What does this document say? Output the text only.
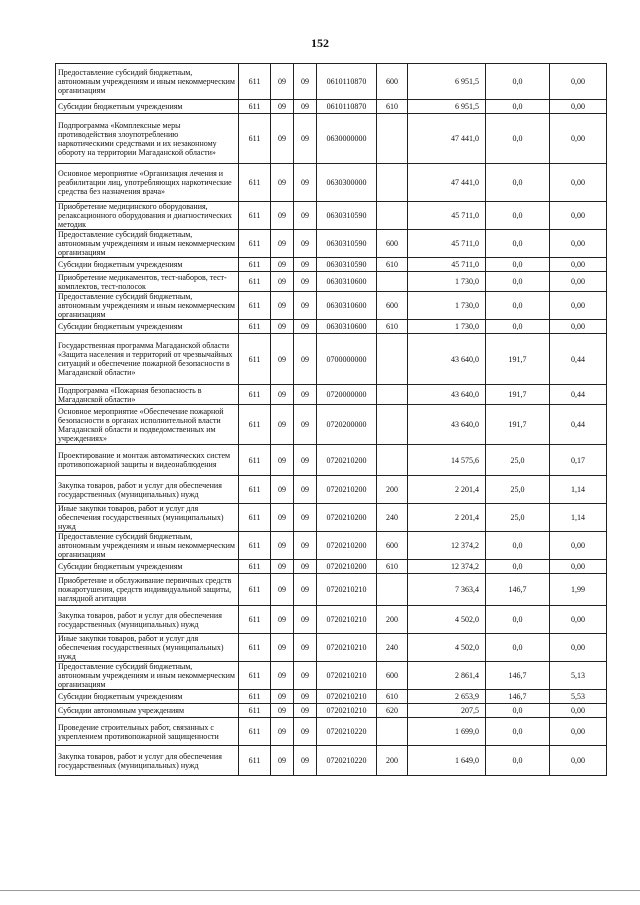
152
Предоставление субсидий бюджетным, автономным учреждениям и иным некоммерческим организациям	611	09	09	0610110870	600	6 951,5	0,0	0,00
Субсидии бюджетным учреждениям	611	09	09	0610110870	610	6 951,5	0,0	0,00
Подпрограмма «Комплексные меры противодействия злоупотреблению наркотическими средствами и их незаконному обороту на территории Магаданской области»	611	09	09	0630000000		47 441,0	0,0	0,00
Основное мероприятие «Организация лечения и реабилитации лиц, употребляющих наркотические средства без назначения врача»	611	09	09	0630300000		47 441,0	0,0	0,00
Приобретение медицинского оборудования, релаксационного оборудования и диагностических методик	611	09	09	0630310590		45 711,0	0,0	0,00
Предоставление субсидий бюджетным, автономным учреждениям и иным некоммерческим организациям	611	09	09	0630310590	600	45 711,0	0,0	0,00
Субсидии бюджетным учреждениям	611	09	09	0630310590	610	45 711,0	0,0	0,00
Приобретение медикаментов, тест-наборов, тест-комплектов, тест-полосок	611	09	09	0630310600		1 730,0	0,0	0,00
Предоставление субсидий бюджетным, автономным учреждениям и иным некоммерческим организациям	611	09	09	0630310600	600	1 730,0	0,0	0,00
Субсидии бюджетным учреждениям	611	09	09	0630310600	610	1 730,0	0,0	0,00
Государственная программа Магаданской области «Защита населения и территорий от чрезвычайных ситуаций и обеспечение пожарной безопасности в Магаданской области»	611	09	09	0700000000		43 640,0	191,7	0,44
Подпрограмма «Пожарная безопасность в Магаданской области»	611	09	09	0720000000		43 640,0	191,7	0,44
Основное мероприятие «Обеспечение пожарной безопасности в органах исполнительной власти Магаданской области и подведомственных им учреждениях»	611	09	09	0720200000		43 640,0	191,7	0,44
Проектирование и монтаж автоматических систем противопожарной защиты и видеонаблюдения	611	09	09	0720210200		14 575,6	25,0	0,17
Закупка товаров, работ и услуг для обеспечения государственных (муниципальных) нужд	611	09	09	0720210200	200	2 201,4	25,0	1,14
Иные закупки товаров, работ и услуг для обеспечения государственных (муниципальных) нужд	611	09	09	0720210200	240	2 201,4	25,0	1,14
Предоставление субсидий бюджетным, автономным учреждениям и иным некоммерческим организациям	611	09	09	0720210200	600	12 374,2	0,0	0,00
Субсидии бюджетным учреждениям	611	09	09	0720210200	610	12 374,2	0,0	0,00
Приобретение и обслуживание первичных средств пожаротушения, средств индивидуальной защиты, наглядной агитации	611	09	09	0720210210		7 363,4	146,7	1,99
Закупка товаров, работ и услуг для обеспечения государственных (муниципальных) нужд	611	09	09	0720210210	200	4 502,0	0,0	0,00
Иные закупки товаров, работ и услуг для обеспечения государственных (муниципальных) нужд	611	09	09	0720210210	240	4 502,0	0,0	0,00
Предоставление субсидий бюджетным, автономным учреждениям и иным некоммерческим организациям	611	09	09	0720210210	600	2 861,4	146,7	5,13
Субсидии бюджетным учреждениям	611	09	09	0720210210	610	2 653,9	146,7	5,53
Субсидии автономным учреждениям	611	09	09	0720210210	620	207,5	0,0	0,00
Проведение строительных работ, связанных с укреплением противопожарной защищенности	611	09	09	0720210220		1 699,0	0,0	0,00
Закупка товаров, работ и услуг для обеспечения государственных (муниципальных) нужд	611	09	09	0720210220	200	1 649,0	0,0	0,00
